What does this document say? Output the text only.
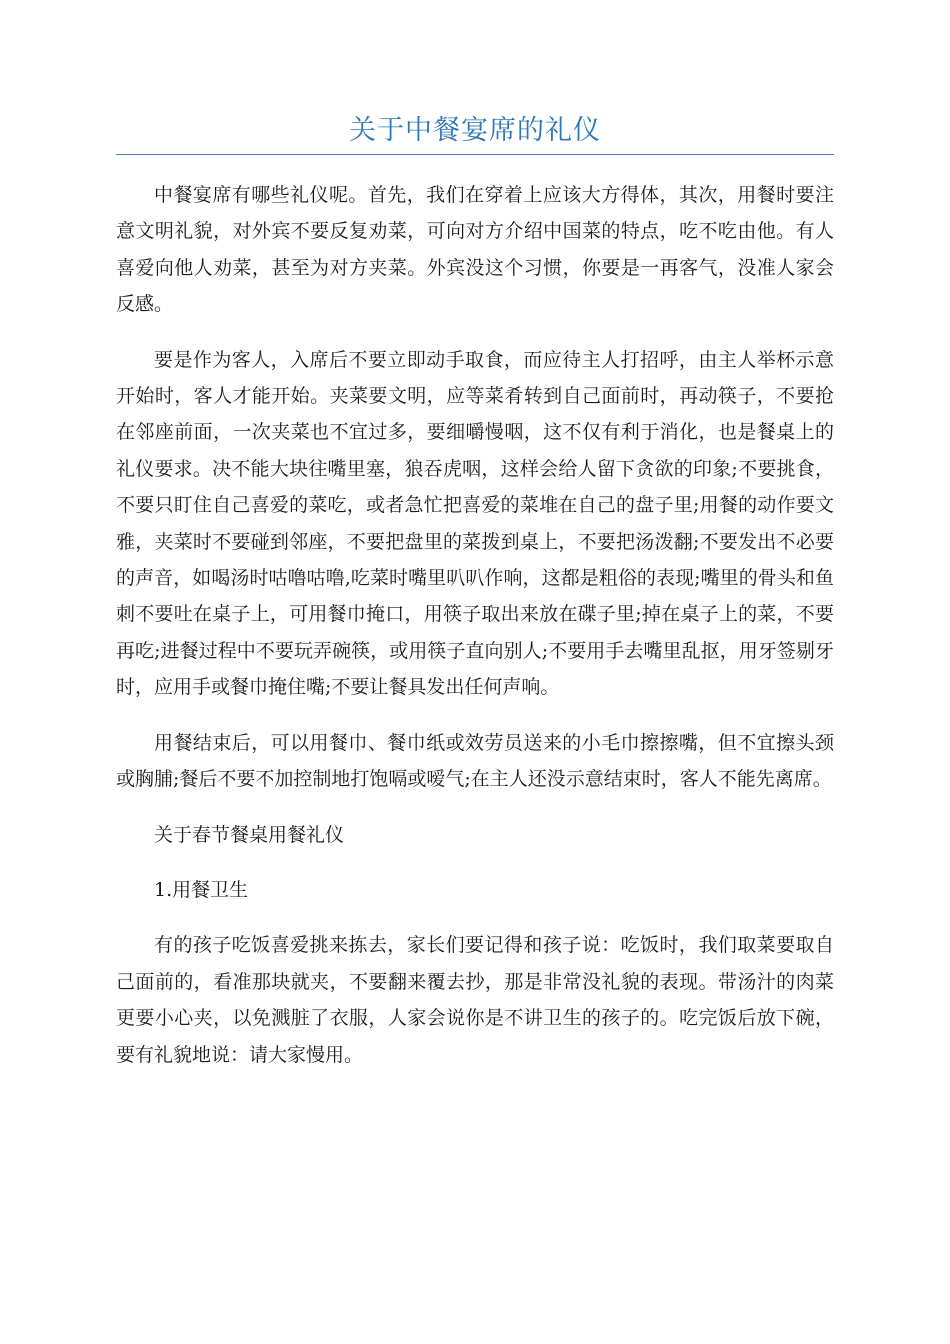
关于中餐宴席的礼仪

中餐宴席有哪些礼仪呢。首先，我们在穿着上应该大方得体，其次，用餐时要注意文明礼貌，对外宾不要反复劝菜，可向对方介绍中国菜的特点，吃不吃由他。有人喜爱向他人劝菜，甚至为对方夹菜。外宾没这个习惯，你要是一再客气，没准人家会反感。

要是作为客人，入席后不要立即动手取食，而应待主人打招呼，由主人举杯示意开始时，客人才能开始。夹菜要文明，应等菜肴转到自己面前时，再动筷子，不要抢在邻座前面，一次夹菜也不宜过多，要细嚼慢咽，这不仅有利于消化，也是餐桌上的礼仪要求。决不能大块往嘴里塞，狼吞虎咽，这样会给人留下贪欲的印象;不要挑食，不要只盯住自己喜爱的菜吃，或者急忙把喜爱的菜堆在自己的盘子里;用餐的动作要文雅，夹菜时不要碰到邻座，不要把盘里的菜拨到桌上，不要把汤泼翻;不要发出不必要的声音，如喝汤时咕噜咕噜,吃菜时嘴里叭叭作响，这都是粗俗的表现;嘴里的骨头和鱼刺不要吐在桌子上，可用餐巾掩口，用筷子取出来放在碟子里;掉在桌子上的菜，不要再吃;进餐过程中不要玩弄碗筷，或用筷子直向别人;不要用手去嘴里乱抠，用牙签剔牙时，应用手或餐巾掩住嘴;不要让餐具发出任何声响。

用餐结束后，可以用餐巾、餐巾纸或效劳员送来的小毛巾擦擦嘴，但不宜擦头颈或胸脯;餐后不要不加控制地打饱嗝或嗳气;在主人还没示意结束时，客人不能先离席。

关于春节餐桌用餐礼仪

1.用餐卫生

有的孩子吃饭喜爱挑来拣去，家长们要记得和孩子说：吃饭时，我们取菜要取自己面前的，看准那块就夹，不要翻来覆去抄，那是非常没礼貌的表现。带汤汁的肉菜更要小心夹，以免溅脏了衣服，人家会说你是不讲卫生的孩子的。吃完饭后放下碗，要有礼貌地说：请大家慢用。
